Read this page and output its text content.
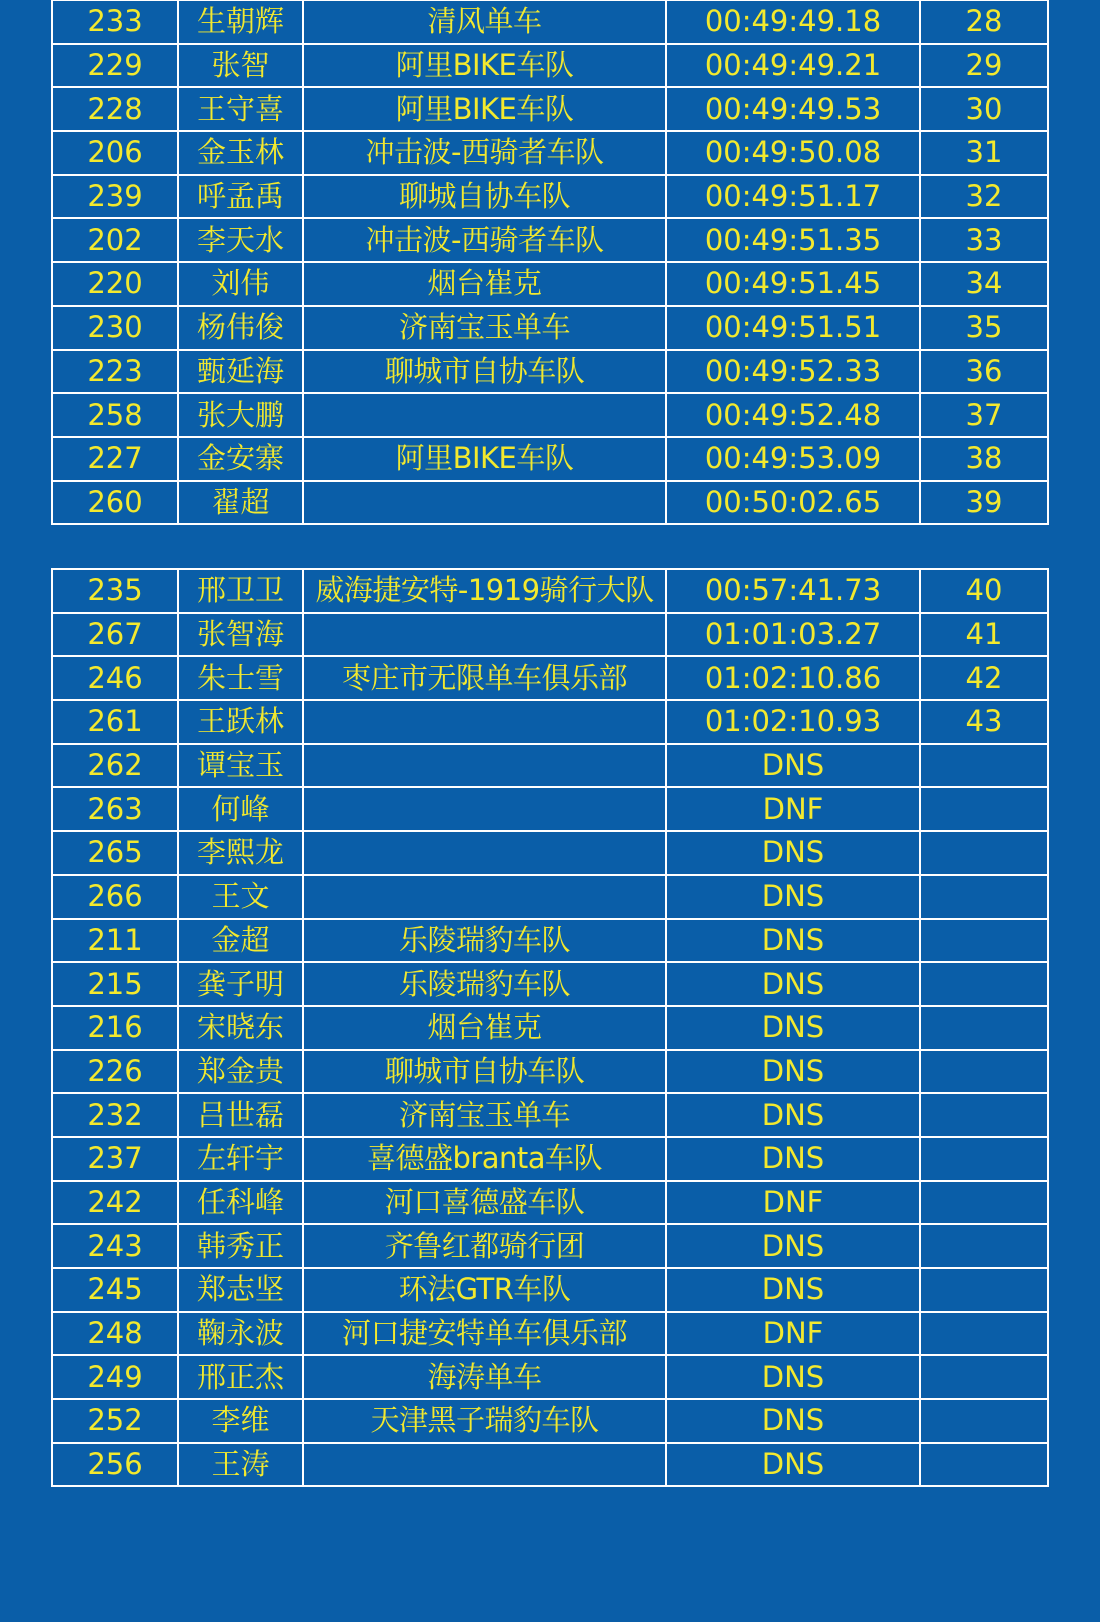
233	生朝辉	清风单车	00:49:49.18	28
229	张智	阿里BIKE车队	00:49:49.21	29
228	王守喜	阿里BIKE车队	00:49:49.53	30
206	金玉林	冲击波-西骑者车队	00:49:50.08	31
239	呼孟禹	聊城自协车队	00:49:51.17	32
202	李天水	冲击波-西骑者车队	00:49:51.35	33
220	刘伟	烟台崔克	00:49:51.45	34
230	杨伟俊	济南宝玉单车	00:49:51.51	35
223	甄延海	聊城市自协车队	00:49:52.33	36
258	张大鹏		00:49:52.48	37
227	金安寨	阿里BIKE车队	00:49:53.09	38
260	翟超		00:50:02.65	39
235	邢卫卫	威海捷安特-1919骑行大队	00:57:41.73	40
267	张智海		01:01:03.27	41
246	朱士雪	枣庄市无限单车俱乐部	01:02:10.86	42
261	王跃林		01:02:10.93	43
262	谭宝玉		DNS	
263	何峰		DNF	
265	李熙龙		DNS	
266	王文		DNS	
211	金超	乐陵瑞豹车队	DNS	
215	龚子明	乐陵瑞豹车队	DNS	
216	宋晓东	烟台崔克	DNS	
226	郑金贵	聊城市自协车队	DNS	
232	吕世磊	济南宝玉单车	DNS	
237	左轩宇	喜德盛branta车队	DNS	
242	任科峰	河口喜德盛车队	DNF	
243	韩秀正	齐鲁红都骑行团	DNS	
245	郑志坚	环法GTR车队	DNS	
248	鞠永波	河口捷安特单车俱乐部	DNF	
249	邢正杰	海涛单车	DNS	
252	李维	天津黑子瑞豹车队	DNS	
256	王涛		DNS	
